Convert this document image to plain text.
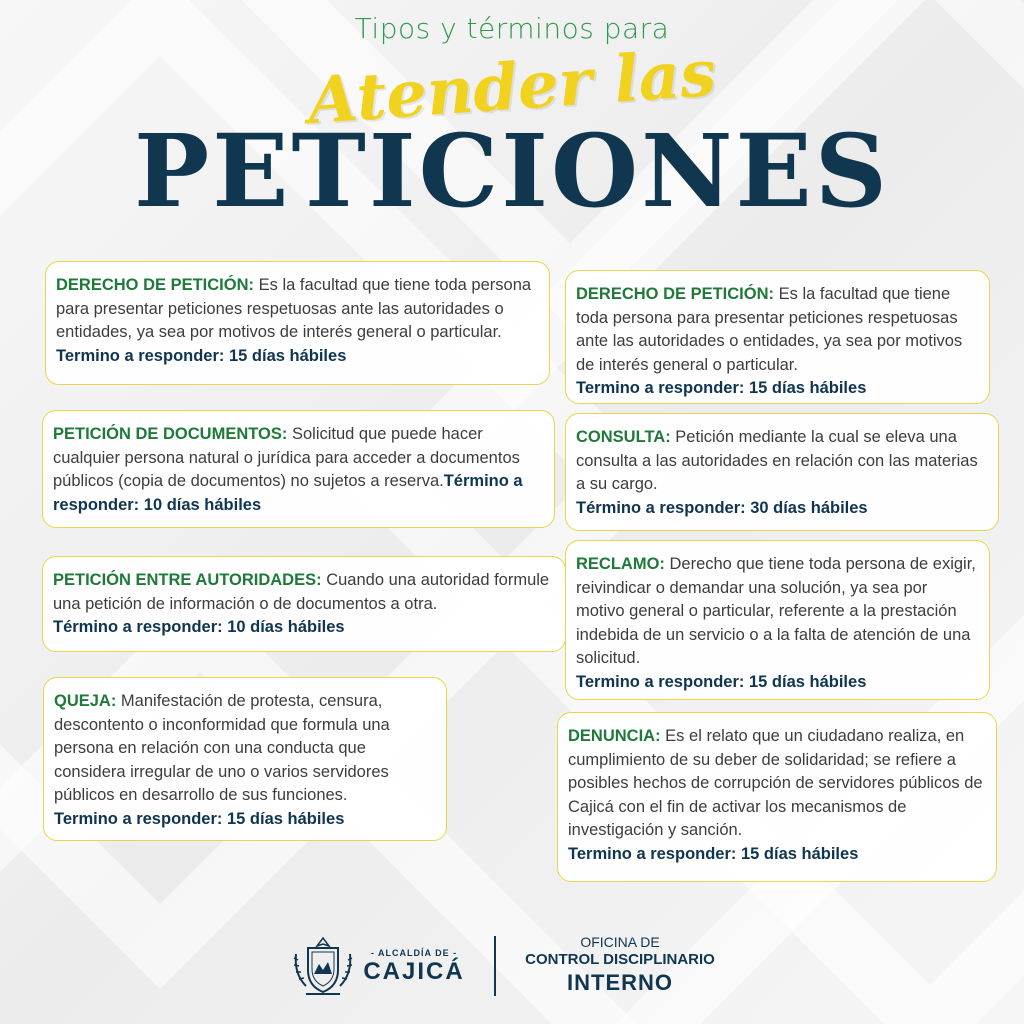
Tipos y términos para
PETICIONES
Atender las
DERECHO DE PETICIÓN: Es la facultad que tiene toda persona para presentar peticiones respetuosas ante las autoridades o entidades, ya sea por motivos de interés general o particular. Termino a responder: 15 días hábiles
DERECHO DE PETICIÓN: Es la facultad que tiene toda persona para presentar peticiones respetuosas ante las autoridades o entidades, ya sea por motivos de interés general o particular.
Termino a responder: 15 días hábiles
PETICIÓN DE DOCUMENTOS: Solicitud que puede hacer cualquier persona natural o jurídica para acceder a documentos públicos (copia de documentos) no sujetos a reserva.Término a responder: 10 días hábiles
CONSULTA: Petición mediante la cual se eleva una consulta a las autoridades en relación con las materias a su cargo.
Término a responder: 30 días hábiles
PETICIÓN ENTRE AUTORIDADES: Cuando una autoridad formule una petición de información o de documentos a otra.
Término a responder: 10 días hábiles
RECLAMO: Derecho que tiene toda persona de exigir, reivindicar o demandar una solución, ya sea por motivo general o particular, referente a la prestación indebida de un servicio o a la falta de atención de una solicitud.
Termino a responder: 15 días hábiles
QUEJA: Manifestación de protesta, censura, descontento o inconformidad que formula una persona en relación con una conducta que considera irregular de uno o varios servidores públicos en desarrollo de sus funciones.
Termino a responder: 15 días hábiles
DENUNCIA: Es el relato que un ciudadano realiza, en cumplimiento de su deber de solidaridad; se refiere a posibles hechos de corrupción de servidores públicos de Cajicá con el fin de activar los mecanismos de investigación y sanción.
Termino a responder: 15 días hábiles
- ALCALDÍA DE -
CAJICÁ
OFICINA DE
CONTROL DISCIPLINARIO
INTERNO
